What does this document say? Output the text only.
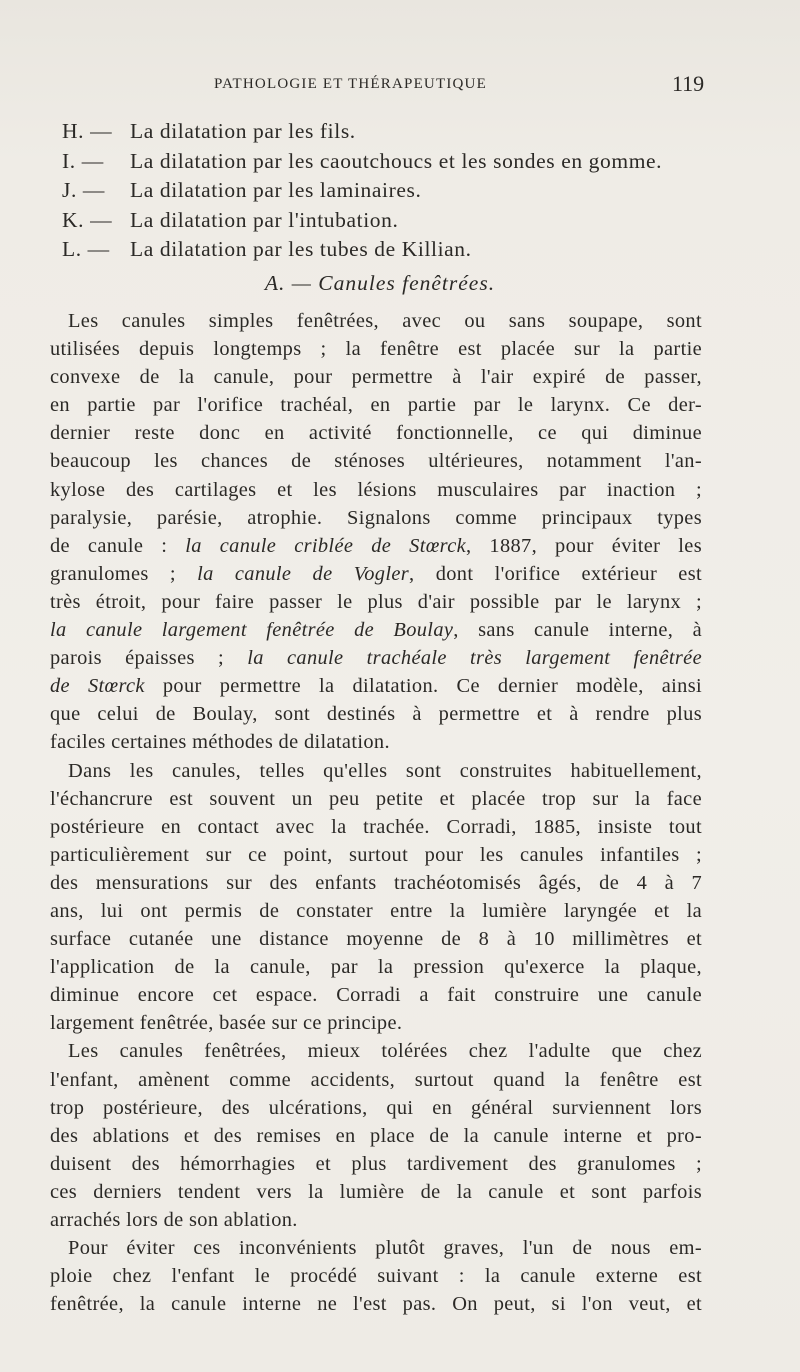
PATHOLOGIE ET THÉRAPEUTIQUE	119
H. — La dilatation par les fils.
I. — La dilatation par les caoutchoucs et les sondes en gomme.
J. — La dilatation par les laminaires.
K. — La dilatation par l'intubation.
L. — La dilatation par les tubes de Killian.
A. — Canules fenêtrées.
Les canules simples fenêtrées, avec ou sans soupape, sont
utilisées depuis longtemps ; la fenêtre est placée sur la partie
convexe de la canule, pour permettre à l'air expiré de passer,
en partie par l'orifice trachéal, en partie par le larynx. Ce der-
dernier reste donc en activité fonctionnelle, ce qui diminue
beaucoup les chances de sténoses ultérieures, notamment l'an-
kylose des cartilages et les lésions musculaires par inaction ;
paralysie, parésie, atrophie. Signalons comme principaux types
de canule : la canule criblée de Stœrck, 1887, pour éviter les
granulomes ; la canule de Vogler, dont l'orifice extérieur est
très étroit, pour faire passer le plus d'air possible par le larynx ;
la canule largement fenêtrée de Boulay, sans canule interne, à
parois épaisses ; la canule trachéale très largement fenêtrée
de Stœrck pour permettre la dilatation. Ce dernier modèle, ainsi
que celui de Boulay, sont destinés à permettre et à rendre plus
faciles certaines méthodes de dilatation.
Dans les canules, telles qu'elles sont construites habituellement,
l'échancrure est souvent un peu petite et placée trop sur la face
postérieure en contact avec la trachée. Corradi, 1885, insiste tout
particulièrement sur ce point, surtout pour les canules infantiles ;
des mensurations sur des enfants trachéotomisés âgés, de 4 à 7
ans, lui ont permis de constater entre la lumière laryngée et la
surface cutanée une distance moyenne de 8 à 10 millimètres et
l'application de la canule, par la pression qu'exerce la plaque,
diminue encore cet espace. Corradi a fait construire une canule
largement fenêtrée, basée sur ce principe.
Les canules fenêtrées, mieux tolérées chez l'adulte que chez
l'enfant, amènent comme accidents, surtout quand la fenêtre est
trop postérieure, des ulcérations, qui en général surviennent lors
des ablations et des remises en place de la canule interne et pro-
duisent des hémorrhagies et plus tardivement des granulomes ;
ces derniers tendent vers la lumière de la canule et sont parfois
arrachés lors de son ablation.
Pour éviter ces inconvénients plutôt graves, l'un de nous em-
ploie chez l'enfant le procédé suivant : la canule externe est
fenêtrée, la canule interne ne l'est pas. On peut, si l'on veut, et
